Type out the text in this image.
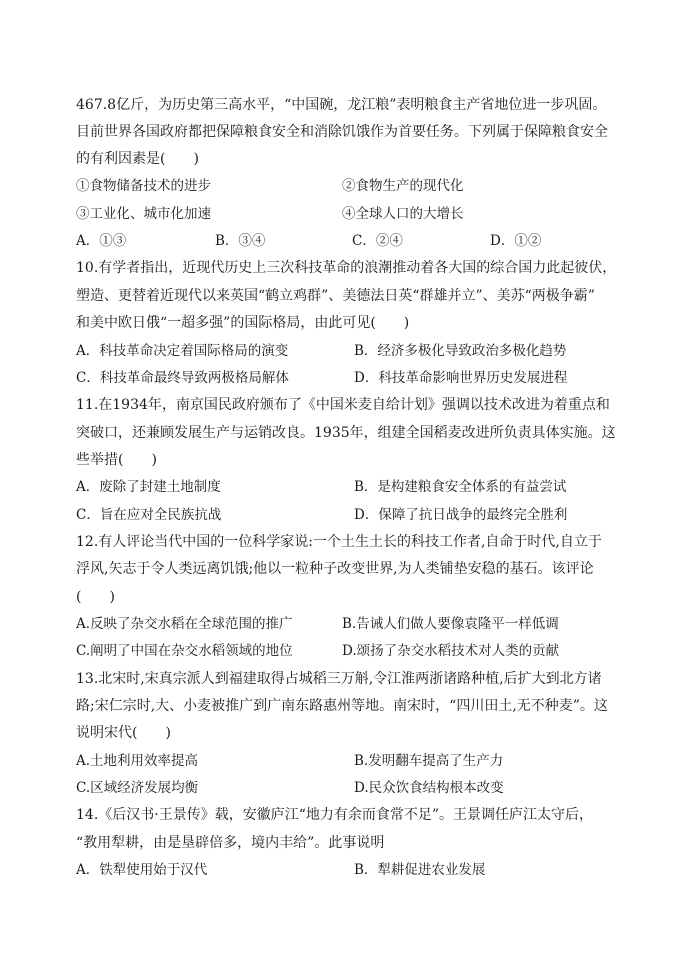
467.8亿斤，为历史第三高水平，“中国碗，龙江粮”表明粮食主产省地位进一步巩固。
目前世界各国政府都把保障粮食安全和消除饥饿作为首要任务。下列属于保障粮食安全
的有利因素是(　　)
①食物储备技术的进步	②食物生产的现代化
③工业化、城市化加速	④全球人口的大增长
A．①③	B．③④	C．②④	D．①②
10.有学者指出，近现代历史上三次科技革命的浪潮推动着各大国的综合国力此起彼伏，
塑造、更替着近现代以来英国“鹤立鸡群”、美德法日英“群雄并立”、美苏“两极争霸”
和美中欧日俄“一超多强”的国际格局，由此可见(　　)
A．科技革命决定着国际格局的演变	B．经济多极化导致政治多极化趋势
C．科技革命最终导致两极格局解体	D．科技革命影响世界历史发展进程
11.在1934年，南京国民政府颁布了《中国米麦自给计划》强调以技术改进为着重点和
突破口，还兼顾发展生产与运销改良。1935年，组建全国稻麦改进所负责具体实施。这
些举措(　　)
A．废除了封建土地制度	B．是构建粮食安全体系的有益尝试
C．旨在应对全民族抗战	D．保障了抗日战争的最终完全胜利
12.有人评论当代中国的一位科学家说:一个土生土长的科技工作者,自命于时代,自立于
浮风,矢志于令人类远离饥饿;他以一粒种子改变世界,为人类铺垫安稳的基石。该评论
(　　)
A.反映了杂交水稻在全球范围的推广	B.告诫人们做人要像袁隆平一样低调
C.阐明了中国在杂交水稻领域的地位	D.颂扬了杂交水稻技术对人类的贡献
13.北宋时,宋真宗派人到福建取得占城稻三万斛,令江淮两浙诸路种植,后扩大到北方诸
路;宋仁宗时,大、小麦被推广到广南东路惠州等地。南宋时，“四川田土,无不种麦”。这
说明宋代(　　)
A.土地利用效率提高	B.发明翻车提高了生产力
C.区域经济发展均衡	D.民众饮食结构根本改变
14.《后汉书·王景传》载，安徽庐江“地力有余而食常不足”。王景调任庐江太守后，
“教用犁耕，由是垦辟倍多，境内丰给”。此事说明
A．铁犁使用始于汉代	B．犁耕促进农业发展
